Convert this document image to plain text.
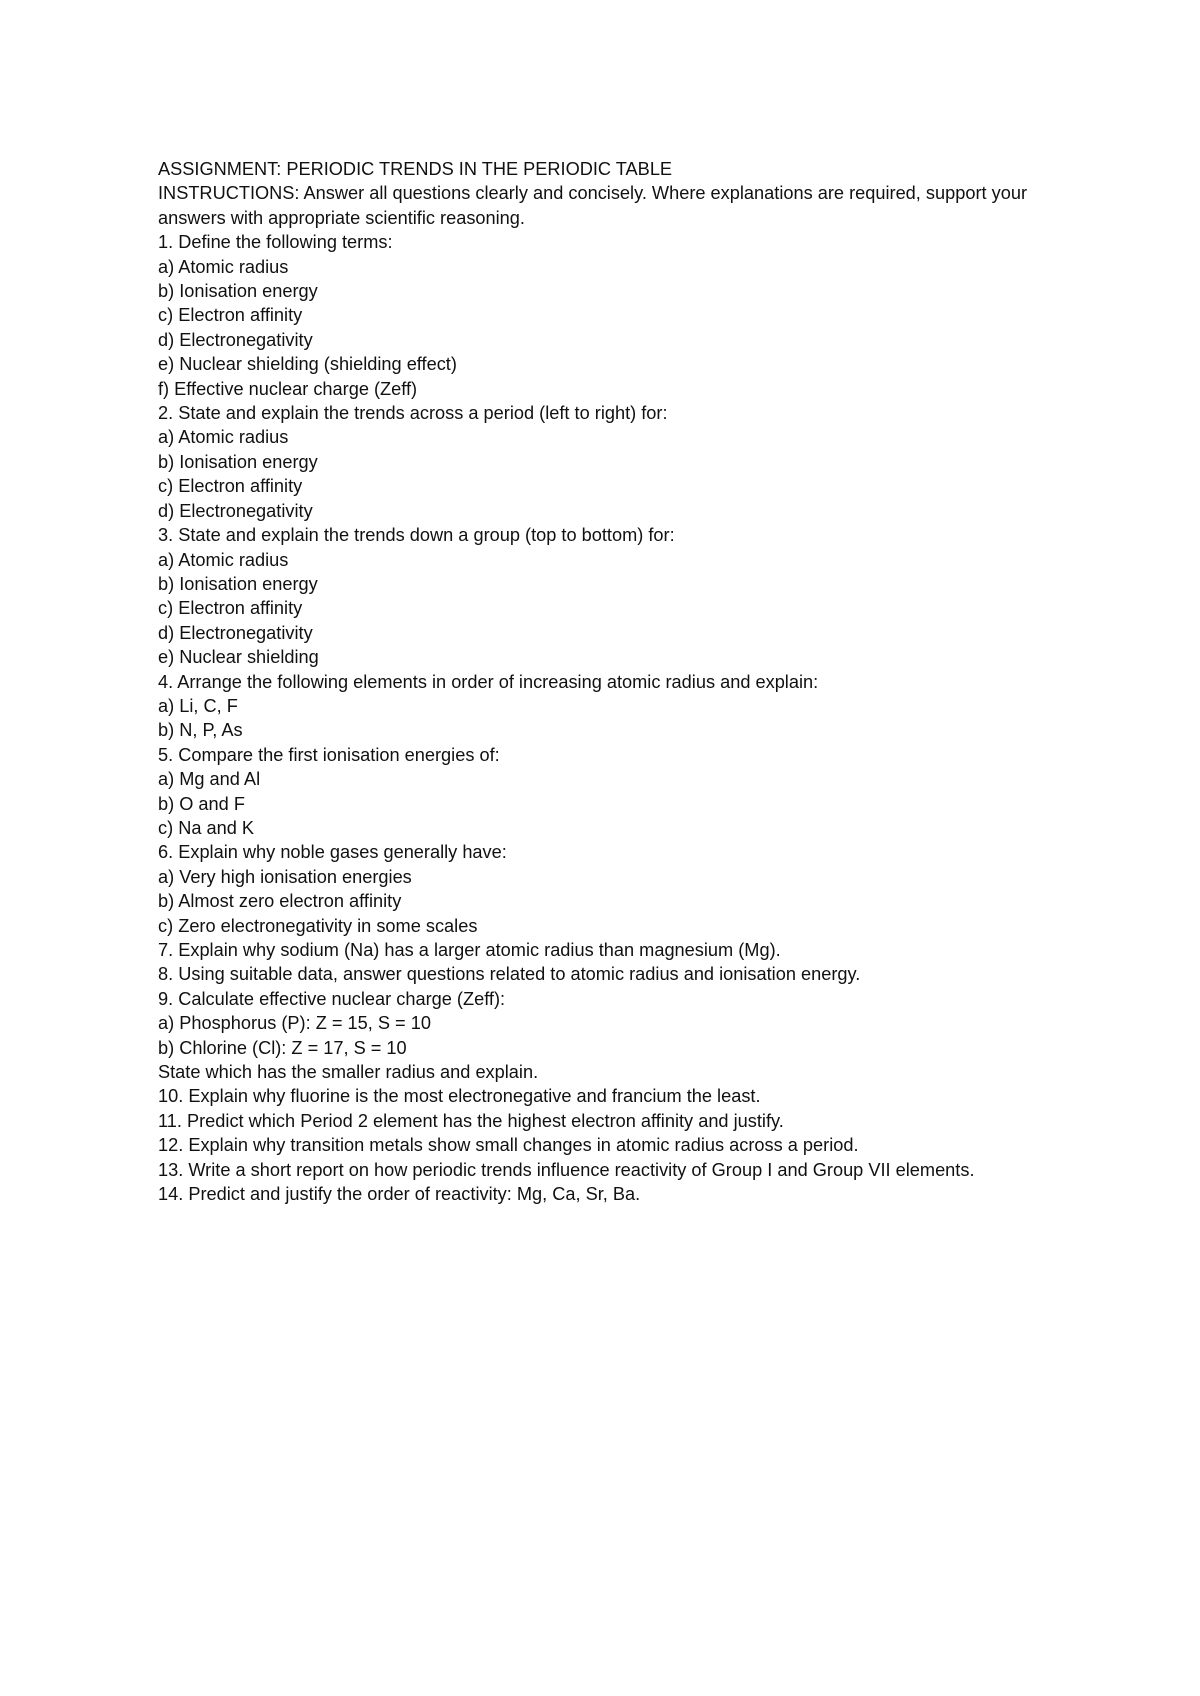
ASSIGNMENT: PERIODIC TRENDS IN THE PERIODIC TABLE
INSTRUCTIONS: Answer all questions clearly and concisely. Where explanations are required, support your answers with appropriate scientific reasoning.
1. Define the following terms:
a) Atomic radius
b) Ionisation energy
c) Electron affinity
d) Electronegativity
e) Nuclear shielding (shielding effect)
f) Effective nuclear charge (Zeff)
2. State and explain the trends across a period (left to right) for:
a) Atomic radius
b) Ionisation energy
c) Electron affinity
d) Electronegativity
3. State and explain the trends down a group (top to bottom) for:
a) Atomic radius
b) Ionisation energy
c) Electron affinity
d) Electronegativity
e) Nuclear shielding
4. Arrange the following elements in order of increasing atomic radius and explain:
a) Li, C, F
b) N, P, As
5. Compare the first ionisation energies of:
a) Mg and Al
b) O and F
c) Na and K
6. Explain why noble gases generally have:
a) Very high ionisation energies
b) Almost zero electron affinity
c) Zero electronegativity in some scales
7. Explain why sodium (Na) has a larger atomic radius than magnesium (Mg).
8. Using suitable data, answer questions related to atomic radius and ionisation energy.
9. Calculate effective nuclear charge (Zeff):
a) Phosphorus (P): Z = 15, S = 10
b) Chlorine (Cl): Z = 17, S = 10
State which has the smaller radius and explain.
10. Explain why fluorine is the most electronegative and francium the least.
11. Predict which Period 2 element has the highest electron affinity and justify.
12. Explain why transition metals show small changes in atomic radius across a period.
13. Write a short report on how periodic trends influence reactivity of Group I and Group VII elements.
14. Predict and justify the order of reactivity: Mg, Ca, Sr, Ba.
